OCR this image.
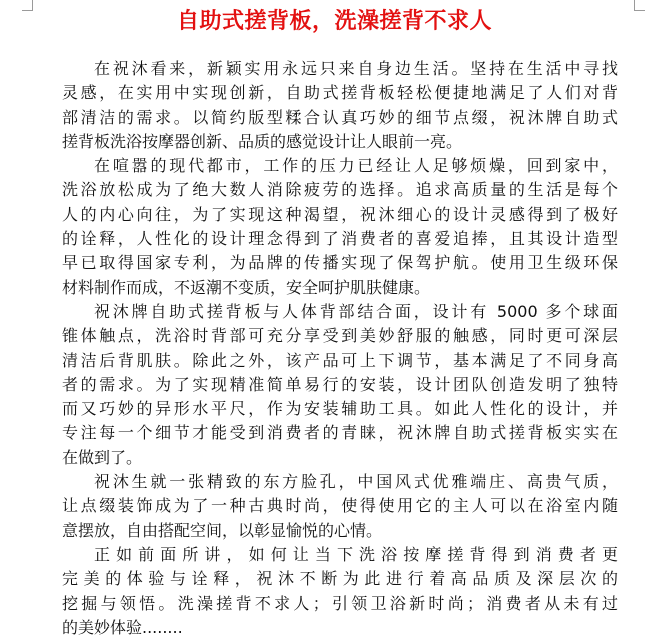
自助式搓背板，洗澡搓背不求人
在祝沐看来，新颖实用永远只来自身边生活。坚持在生活中寻找
灵感，在实用中实现创新，自助式搓背板轻松便捷地满足了人们对背
部清洁的需求。以简约版型糅合认真巧妙的细节点缀，祝沐牌自助式
搓背板洗浴按摩器创新、品质的感觉设计让人眼前一亮。
在喧嚣的现代都市，工作的压力已经让人足够烦燥，回到家中，
洗浴放松成为了绝大数人消除疲劳的选择。追求高质量的生活是每个
人的内心向往，为了实现这种渴望，祝沐细心的设计灵感得到了极好
的诠释，人性化的设计理念得到了消费者的喜爱追捧，且其设计造型
早已取得国家专利，为品牌的传播实现了保驾护航。使用卫生级环保
材料制作而成，不返潮不变质，安全呵护肌肤健康。
祝沐牌自助式搓背板与人体背部结合面，设计有 5000 多个球面
锥体触点，洗浴时背部可充分享受到美妙舒服的触感，同时更可深层
清洁后背肌肤。除此之外，该产品可上下调节，基本满足了不同身高
者的需求。为了实现精准简单易行的安装，设计团队创造发明了独特
而又巧妙的异形水平尺，作为安装辅助工具。如此人性化的设计，并
专注每一个细节才能受到消费者的青睐，祝沐牌自助式搓背板实实在
在做到了。
祝沐生就一张精致的东方脸孔，中国风式优雅端庄、高贵气质，
让点缀装饰成为了一种古典时尚，使得使用它的主人可以在浴室内随
意摆放，自由搭配空间，以彰显愉悦的心情。
正如前面所讲，如何让当下洗浴按摩搓背得到消费者更
完美的体验与诠释，祝沐不断为此进行着高品质及深层次的
挖掘与领悟。洗澡搓背不求人；引领卫浴新时尚；消费者从未有过
的美妙体验........
